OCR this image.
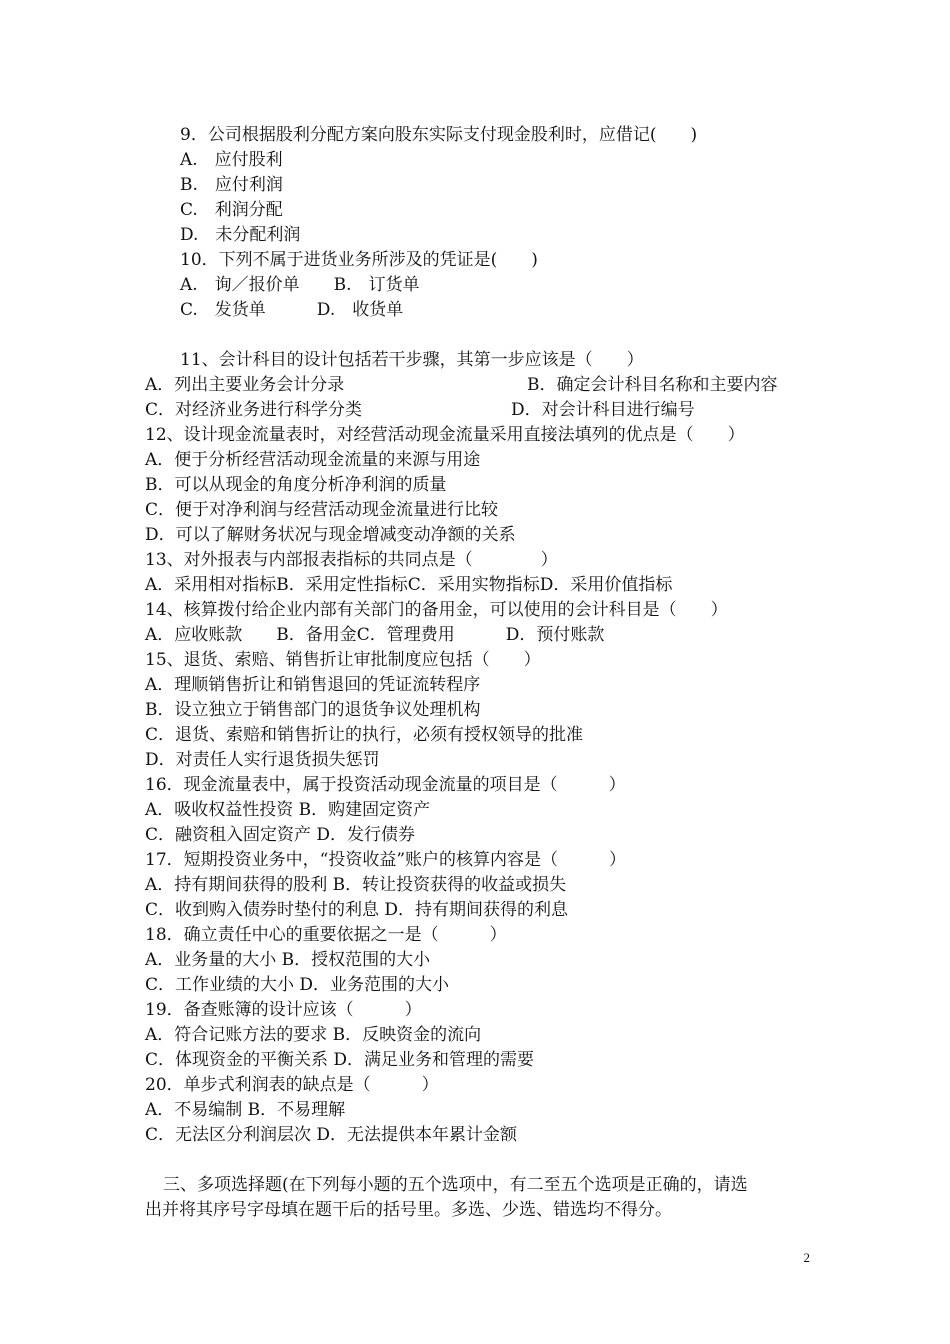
9．公司根据股利分配方案向股东实际支付现金股利时，应借记(　　)
A.　应付股利
B.　应付利润
C.　利润分配
D.　未分配利润
10．下列不属于进货业务所涉及的凭证是(　　)
A.　询／报价单　　B.　订货单
C.　发货单　　　D.　收货单
11、会计科目的设计包括若干步骤，其第一步应该是（　　）
A．列出主要业务会计分录	B．确定会计科目名称和主要内容
C．对经济业务进行科学分类	D．对会计科目进行编号
12、设计现金流量表时，对经营活动现金流量采用直接法填列的优点是（　　）
A．便于分析经营活动现金流量的来源与用途
B．可以从现金的角度分析净利润的质量
C．便于对净利润与经营活动现金流量进行比较
D．可以了解财务状况与现金增减变动净额的关系
13、对外报表与内部报表指标的共同点是（　　　　）
A．采用相对指标B．采用定性指标C．采用实物指标D．采用价值指标
14、核算拨付给企业内部有关部门的备用金，可以使用的会计科目是（　　）
A．应收账款　　B．备用金C．管理费用　　　D．预付账款
15、退货、索赔、销售折让审批制度应包括（　　）
A．理顺销售折让和销售退回的凭证流转程序
B．设立独立于销售部门的退货争议处理机构
C．退货、索赔和销售折让的执行，必须有授权领导的批准
D．对责任人实行退货损失惩罚
16．现金流量表中，属于投资活动现金流量的项目是（　　　）
A．吸收权益性投资 B．购建固定资产
C．融资租入固定资产 D．发行债券
17．短期投资业务中，“投资收益”账户的核算内容是（　　　）
A．持有期间获得的股利 B．转让投资获得的收益或损失
C．收到购入债券时垫付的利息 D．持有期间获得的利息
18．确立责任中心的重要依据之一是（　　　）
A．业务量的大小 B．授权范围的大小
C．工作业绩的大小 D．业务范围的大小
19．备查账簿的设计应该（　　　）
A．符合记账方法的要求 B．反映资金的流向
C．体现资金的平衡关系 D．满足业务和管理的需要
20．单步式利润表的缺点是（　　　）
A．不易编制 B．不易理解
C．无法区分利润层次 D．无法提供本年累计金额
三、多项选择题(在下列每小题的五个选项中，有二至五个选项是正确的，请选
出并将其序号字母填在题干后的括号里。多选、少选、错选均不得分。
2
